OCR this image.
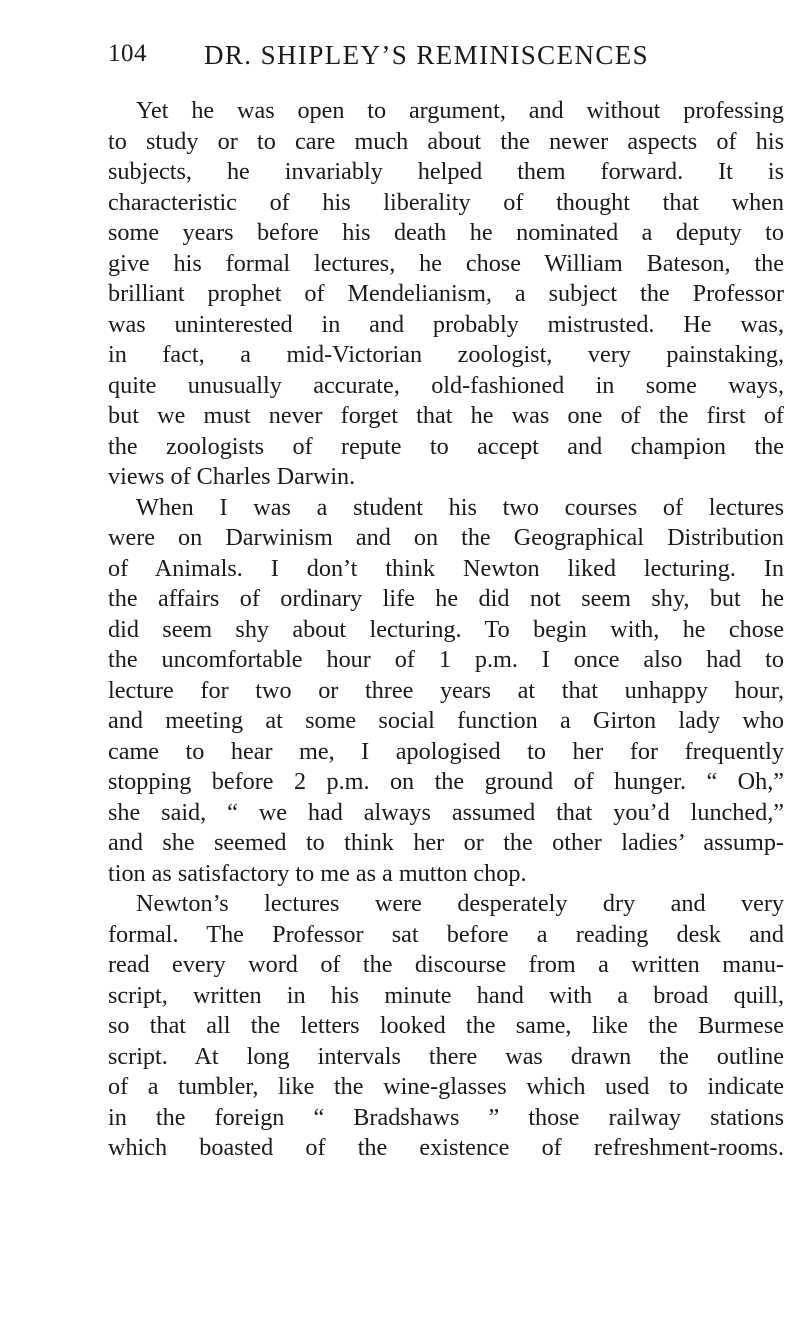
104 DR. SHIPLEY’S REMINISCENCES
Yet he was open to argument, and without professing
to study or to care much about the newer aspects of his
subjects, he invariably helped them forward. It is
characteristic of his liberality of thought that when
some years before his death he nominated a deputy to
give his formal lectures, he chose William Bateson, the
brilliant prophet of Mendelianism, a subject the Professor
was uninterested in and probably mistrusted. He was,
in fact, a mid-Victorian zoologist, very painstaking,
quite unusually accurate, old-fashioned in some ways,
but we must never forget that he was one of the first of
the zoologists of repute to accept and champion the
views of Charles Darwin.
When I was a student his two courses of lectures
were on Darwinism and on the Geographical Distribution
of Animals. I don’t think Newton liked lecturing. In
the affairs of ordinary life he did not seem shy, but he
did seem shy about lecturing. To begin with, he chose
the uncomfortable hour of 1 p.m. I once also had to
lecture for two or three years at that unhappy hour,
and meeting at some social function a Girton lady who
came to hear me, I apologised to her for frequently
stopping before 2 p.m. on the ground of hunger. “ Oh,”
she said, “ we had always assumed that you’d lunched,”
and she seemed to think her or the other ladies’ assump-
tion as satisfactory to me as a mutton chop.
Newton’s lectures were desperately dry and very
formal. The Professor sat before a reading desk and
read every word of the discourse from a written manu-
script, written in his minute hand with a broad quill,
so that all the letters looked the same, like the Burmese
script. At long intervals there was drawn the outline
of a tumbler, like the wine-glasses which used to indicate
in the foreign “ Bradshaws ” those railway stations
which boasted of the existence of refreshment-rooms.
